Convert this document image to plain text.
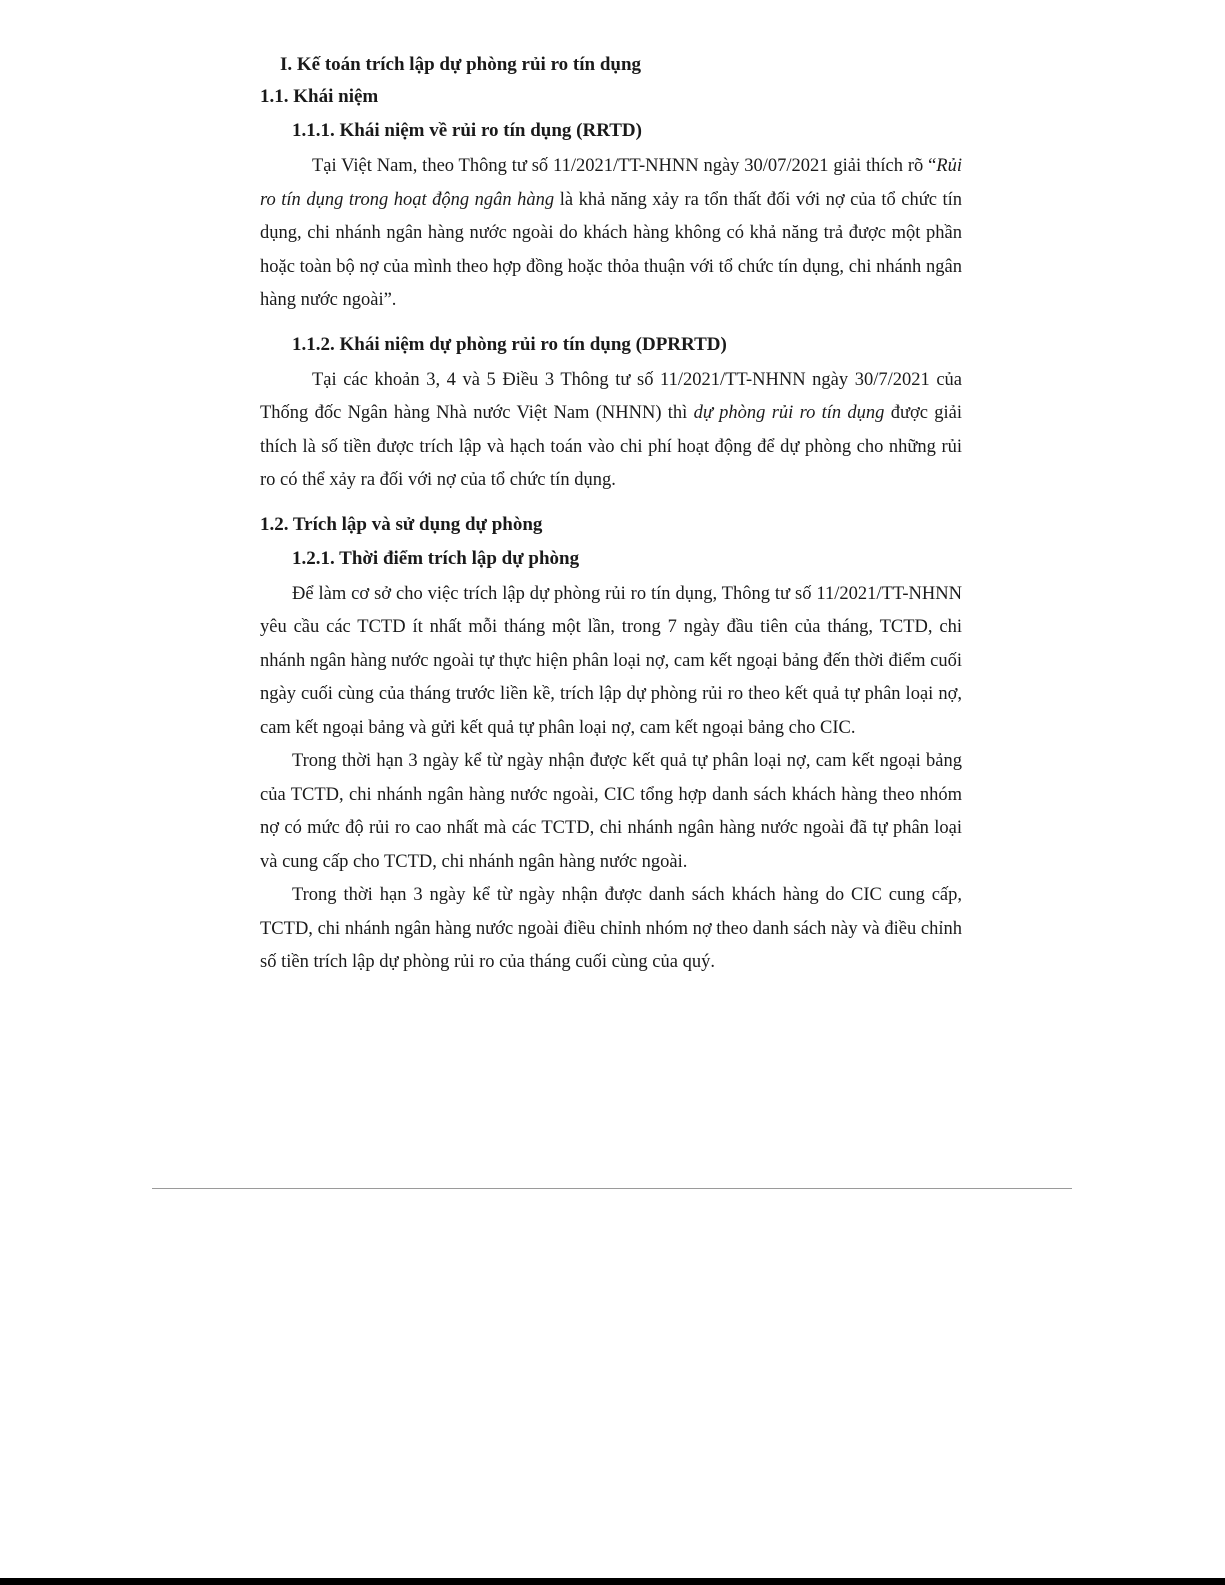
I. Kế toán trích lập dự phòng rủi ro tín dụng
1.1. Khái niệm
1.1.1. Khái niệm về rủi ro tín dụng (RRTD)

Tại Việt Nam, theo Thông tư số 11/2021/TT-NHNN ngày 30/07/2021 giải thích rõ “Rủi ro tín dụng trong hoạt động ngân hàng là khả năng xảy ra tổn thất đối với nợ của tổ chức tín dụng, chi nhánh ngân hàng nước ngoài do khách hàng không có khả năng trả được một phần hoặc toàn bộ nợ của mình theo hợp đồng hoặc thỏa thuận với tổ chức tín dụng, chi nhánh ngân hàng nước ngoài”.

1.1.2. Khái niệm dự phòng rủi ro tín dụng (DPRRTD)

Tại các khoản 3, 4 và 5 Điều 3 Thông tư số 11/2021/TT-NHNN ngày 30/7/2021 của Thống đốc Ngân hàng Nhà nước Việt Nam (NHNN) thì dự phòng rủi ro tín dụng được giải thích là số tiền được trích lập và hạch toán vào chi phí hoạt động để dự phòng cho những rủi ro có thể xảy ra đối với nợ của tổ chức tín dụng.

1.2. Trích lập và sử dụng dự phòng
1.2.1. Thời điểm trích lập dự phòng

Để làm cơ sở cho việc trích lập dự phòng rủi ro tín dụng, Thông tư số 11/2021/TT-NHNN yêu cầu các TCTD ít nhất mỗi tháng một lần, trong 7 ngày đầu tiên của tháng, TCTD, chi nhánh ngân hàng nước ngoài tự thực hiện phân loại nợ, cam kết ngoại bảng đến thời điểm cuối ngày cuối cùng của tháng trước liền kề, trích lập dự phòng rủi ro theo kết quả tự phân loại nợ, cam kết ngoại bảng và gửi kết quả tự phân loại nợ, cam kết ngoại bảng cho CIC.

Trong thời hạn 3 ngày kể từ ngày nhận được kết quả tự phân loại nợ, cam kết ngoại bảng của TCTD, chi nhánh ngân hàng nước ngoài, CIC tổng hợp danh sách khách hàng theo nhóm nợ có mức độ rủi ro cao nhất mà các TCTD, chi nhánh ngân hàng nước ngoài đã tự phân loại và cung cấp cho TCTD, chi nhánh ngân hàng nước ngoài.

Trong thời hạn 3 ngày kể từ ngày nhận được danh sách khách hàng do CIC cung cấp, TCTD, chi nhánh ngân hàng nước ngoài điều chỉnh nhóm nợ theo danh sách này và điều chỉnh số tiền trích lập dự phòng rủi ro của tháng cuối cùng của quý.
